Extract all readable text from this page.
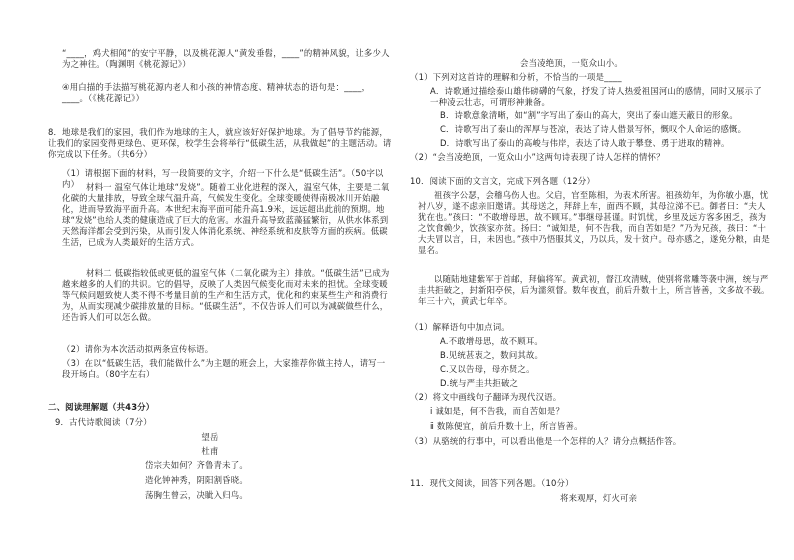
“____，鸡犬相闻”的安宁平静，以及桃花源人“黄发垂髫，____”的精神风貌，让多少人为之神往。（陶渊明《桃花源记》）
④用白描的手法描写桃花源内老人和小孩的神情态度、精神状态的语句是：____，____。（《桃花源记》）
8．地球是我们的家园，我们作为地球的主人，就应该好好保护地球。为了倡导节约能源，让我们的家园变得更绿色、更环保，校学生会将举行“低碳生活，从我做起”的主题活动。请你完成以下任务。（共6分）
（1）请根据下面的材料，写一段简要的文字，介绍一下什么是“低碳生活”。（50字以内） 材料一 温室气体让地球“发烧”。随着工业化进程的深入，温室气体，主要是二氧化碳的大量排放，导致全球气温升高，气候发生变化。全球变暖使得南极冰川开始融化，进而导致海平面升高。本世纪末海平面可能升高1.9米，远远超出此前的预期。地球“发烧”也给人类的健康造成了巨大的危害。水温升高导致蓝藻猛繁衍，从供水体系到天然海洋都会受到污染，从而引发人体消化系统、神经系统和皮肤等方面的疾病。低碳生活，已成为人类最好的生活方式。
材料二 低碳指较低或更低的温室气体（二氧化碳为主）排放。“低碳生活”已成为越来越多的人们的共识。它的倡导，反映了人类因气候变化而对未来的担忧。全球变暖等气候问题致使人类不得不考量目前的生产和生活方式，优化和约束某些生产和消费行为，从而实现减少碳排放量的目标。“低碳生活”，不仅告诉人们可以为减碳做些什么，还告诉人们可以怎么做。
（2）请你为本次活动拟两条宣传标语。
（3）在以“低碳生活，我们能做什么”为主题的班会上，大家推荐你做主持人，请写一段开场白。（80字左右）
二、阅读理解题（共43分）
9．古代诗歌阅读（7分）
望岳
杜甫
岱宗夫如何？齐鲁青未了。
造化钟神秀，阴阳割昏晓。
荡胸生曾云，决眦入归鸟。
会当凌绝顶，一览众山小。
（1）下列对这首诗的理解和分析，不恰当的一项是____
A．诗歌通过描绘泰山雄伟磅礴的气象，抒发了诗人热爱祖国河山的感情，同时又展示了一种凌云壮志，可谓形神兼备。
B．诗歌意象清晰，如“割”字写出了泰山的高大，突出了泰山遮天蔽日的形象。
C．诗歌写出了泰山的浑厚与苍凉，表达了诗人借景写怀，慨叹个人命运的感慨。
D．诗歌写出了泰山的高峻与伟岸，表达了诗人敢于攀登、勇于进取的精神。
（2）“会当凌绝顶，一览众山小”这两句诗表现了诗人怎样的情怀？
10．阅读下面的文言文，完成下列各题（12分）
祖孩字公瑟，会稽乌伤人也。父启，官至陈相，为表术所害。祖孩幼年，为你敏小惠，忧衬八岁，遂不虑亲旧邀请。其母送之，拜辞上车，面西不顾，其母泣涕不已。御者曰：“夫人犹在也。”孩曰：“不敢增母思，故不顾耳。”事继母甚谨。时饥忧，乡里及远方客多困乏，孩为之饮食赖少，饮孩家亦贫。扬曰：“诚知是，何不告我，而自苦如是？”乃为兄孩，孩曰：“十大夫冒以言，日，未因也。”孩中乃悟服其义，乃以兵，发十贫户。母亦感之，遂免分粮，由是显名。
以随陆地建紫军于首邮，拜偏将军。黄武初，督江攻清贼，使别将常雕等袭中洲，统与严圭共拒破之，封新阳亭侯，后为濡须督。数年夜直，前后升数十上，所言皆善，文多故不载。年三十六，黄武七年卒。
（1）解释语句中加点词。
A.不敢增母思，故不顾耳。
B.见统甚衷之，数问其故。
C.又以告母，母亦贤之。
D.统与严圭共拒破之
（2）将文中画线句子翻译为现代汉语。
ⅰ 诚如是，何不告我，而自苦如是？
ⅱ 数陈便宜，前后升数十上，所言皆善。
（3）从骆统的行事中，可以看出他是一个怎样的人？请分点概括作答。
11．现代文阅读，回答下列各题。（10分）
将来观厚，灯火可亲
